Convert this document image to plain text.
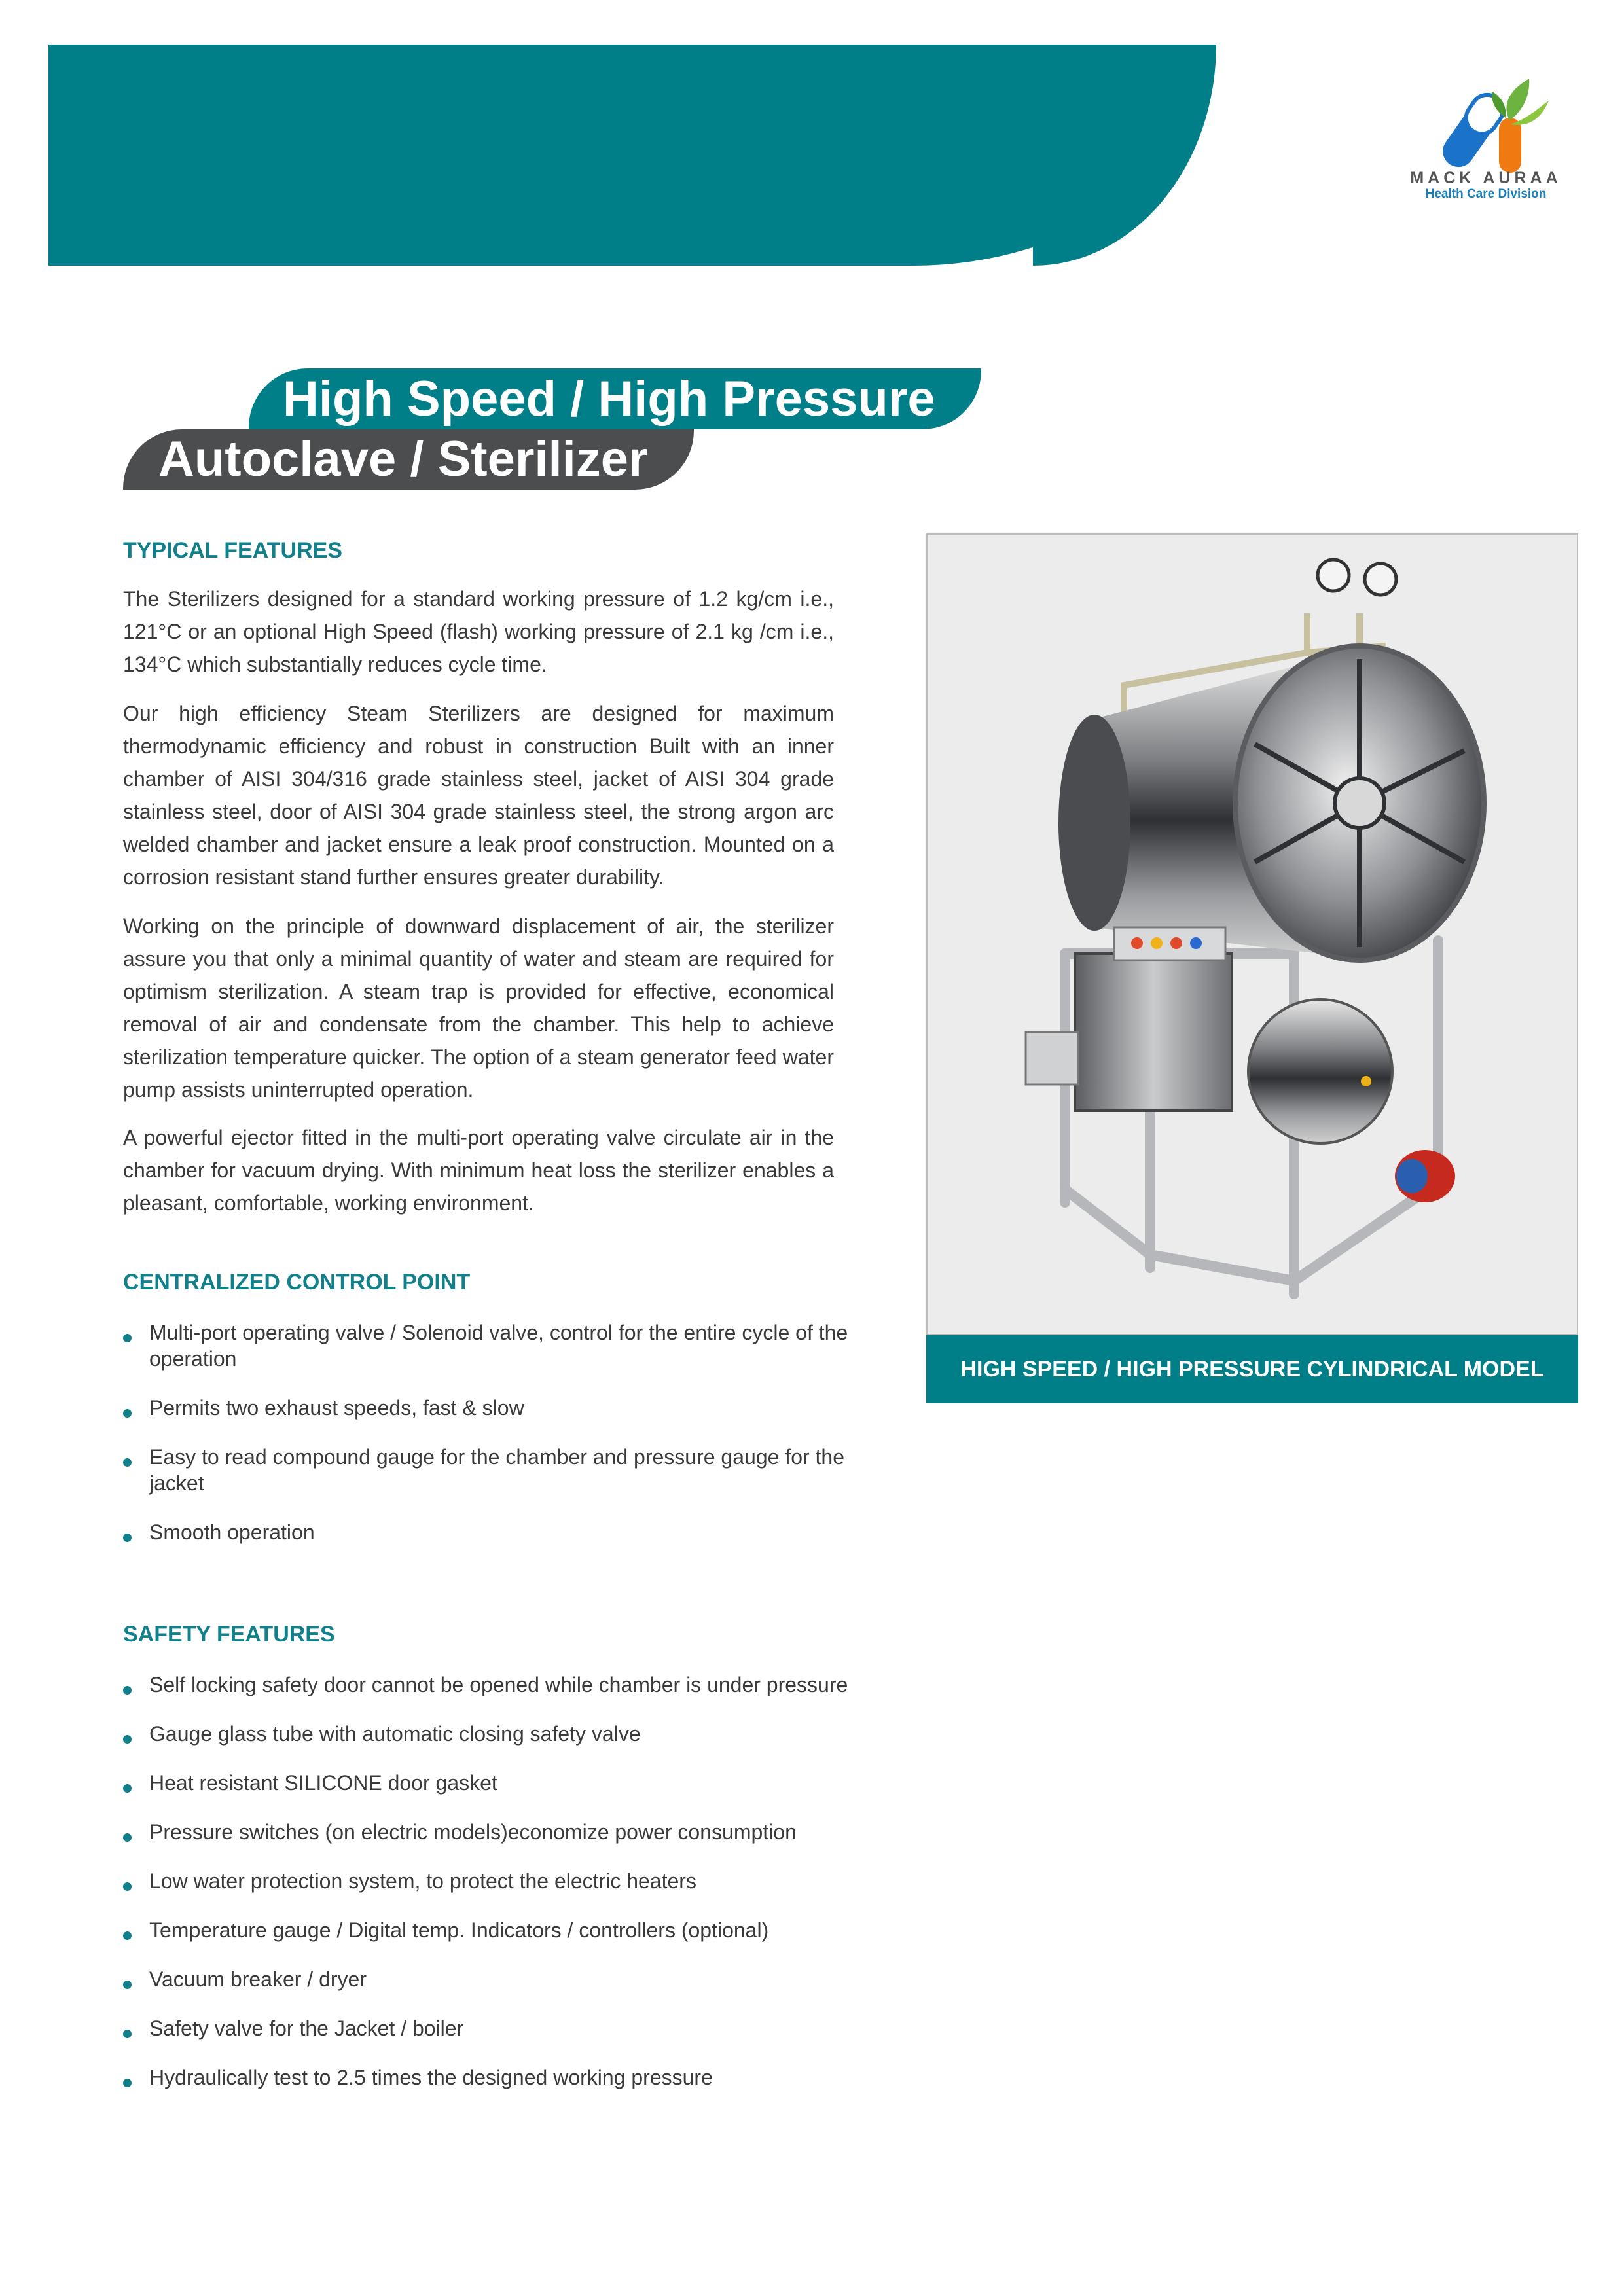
MACK AURAA
Health Care Division
High Speed / High Pressure
Autoclave / Sterilizer
TYPICAL FEATURES

The Sterilizers designed for a standard working pressure of 1.2 kg/cm i.e., 121°C or an optional High Speed (flash) working pressure of 2.1 kg /cm i.e., 134°C which substantially reduces cycle time.

Our high efficiency Steam Sterilizers are designed for maximum thermodynamic efficiency and robust in construction Built with an inner chamber of AISI 304/316 grade stainless steel, jacket of AISI 304 grade stainless steel, door of AISI 304 grade stainless steel, the strong argon arc welded chamber and jacket ensure a leak proof construction. Mounted on a corrosion resistant stand further ensures greater durability.

Working on the principle of downward displacement of air, the sterilizer assure you that only a minimal quantity of water and steam are required for optimism sterilization. A steam trap is provided for effective, economical removal of air and condensate from the chamber. This help to achieve sterilization temperature quicker. The option of a steam generator feed water pump assists uninterrupted operation.

A powerful ejector fitted in the multi-port operating valve circulate air in the chamber for vacuum drying. With minimum heat loss the sterilizer enables a pleasant, comfortable, working environment.

CENTRALIZED CONTROL POINT
Multi-port operating valve / Solenoid valve, control for the entire cycle of the operation
Permits two exhaust speeds, fast & slow
Easy to read compound gauge for the chamber and pressure gauge for the jacket
Smooth operation
SAFETY FEATURES
Self locking safety door cannot be opened while chamber is under pressure
Gauge glass tube with automatic closing safety valve
Heat resistant SILICONE door gasket
Pressure switches (on electric models)economize power consumption
Low water protection system, to protect the electric heaters
Temperature gauge / Digital temp. Indicators / controllers (optional)
Vacuum breaker / dryer
Safety valve for the Jacket / boiler
Hydraulically test to 2.5 times the designed working pressure
HIGH SPEED / HIGH PRESSURE CYLINDRICAL MODEL
